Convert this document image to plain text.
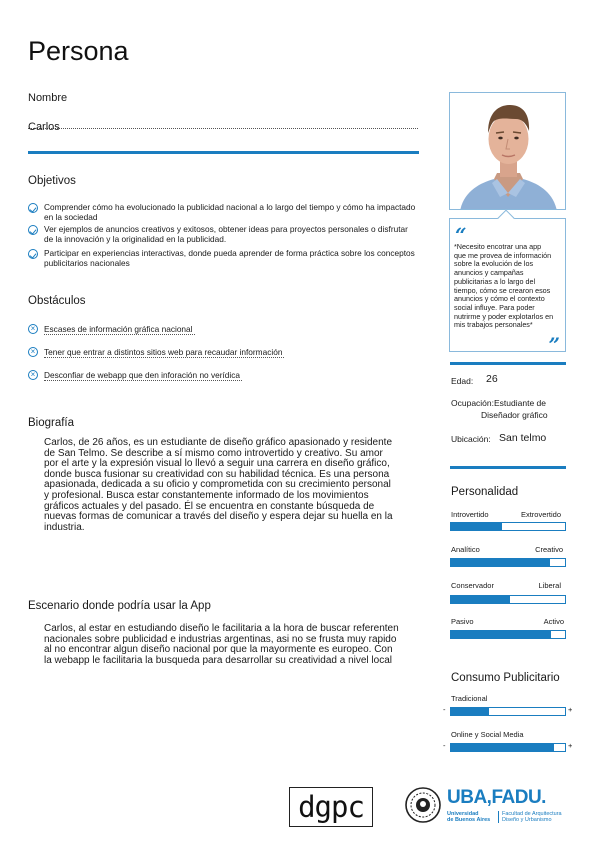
Persona
Nombre
Carlos
Objetivos
Comprender cómo ha evolucionado la publicidad nacional a lo largo del tiempo y cómo ha impactado en la sociedad
Ver ejemplos de anuncios creativos y exitosos, obtener ideas para proyectos personales o disfrutar de la innovación y la originalidad en la publicidad.
Participar en experiencias interactivas, donde pueda aprender de forma práctica sobre los conceptos publicitarios nacionales
Obstáculos
×	Escases de información gráfica nacional
×	Tener que entrar a distintos sitios web para recaudar información
×	Desconfiar de webapp que den inforación no verídica
Biografía
Carlos, de 26 años, es un estudiante de diseño gráfico apasionado y residente
de San Telmo. Se describe a sí mismo como introvertido y creativo. Su amor
por el arte y la expresión visual lo llevó a seguir una carrera en diseño gráfico,
donde busca fusionar su creatividad con su habilidad técnica. Es una persona
apasionada, dedicada a su oficio y comprometida con su crecimiento personal
y profesional. Busca estar constantemente informado de los movimientos
gráficos actuales y del pasado. Él se encuentra en constante búsqueda de
nuevas formas de comunicar a través del diseño y espera dejar su huella en la
industria.
Escenario donde podría usar la App
Carlos, al estar en estudiando diseño le facilitaria a la hora de buscar referenten
nacionales sobre publicidad e industrias argentinas, asi no se frusta muy rapido
al no encontrar algun diseño nacional por que la mayormente es europeo. Con
la webapp le facilitaria la busqueda para desarrollar su creatividad a nivel local
“
*Necesito encotrar una app
que me provea de información
sobre la evolución de los
anuncios y campañas
publicitarias a lo largo del
tiempo, cómo se crearon esos
anuncios y cómo el contexto
social influye. Para poder
nutrirme y poder explotarlos en
mis trabajos personales*
”
Edad: 26
Ocupación: Estudiante de
Diseñador gráfico
Ubicación: San telmo
Personalidad
Introvertido	Extrovertido
Analítico	Creativo
Conservador	Liberal
Pasivo	Activo
Consumo Publicitario
Tradicional
-	+
Online y Social Media
-	+
dgpc	UBA,FADU.
Universidad
de Buenos Aires
Facultad de Arquitectura
Diseño y Urbanismo
